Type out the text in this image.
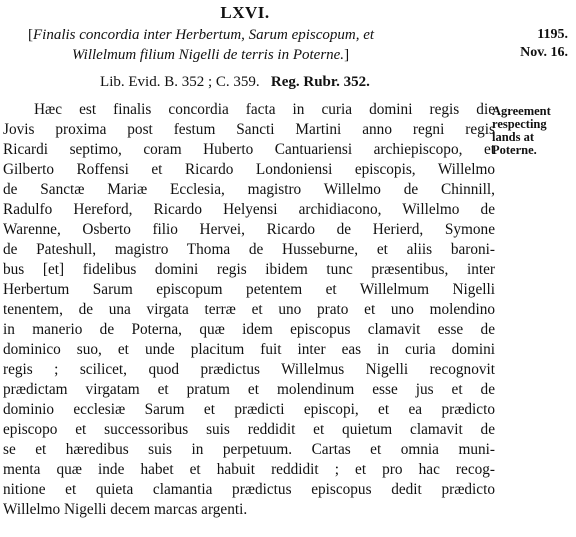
LXVI.
[Finalis concordia inter Herbertum, Sarum episcopum, et
Willelmum filium Nigelli de terris in Poterne.]
Lib. Evid. B. 352 ; C. 359. Reg. Rubr. 352.
1195.
Nov. 16.
Agreement
respecting
lands at
Poterne.
Hæc est finalis concordia facta in curia domini regis die
Jovis proxima post festum Sancti Martini anno regni regis
Ricardi septimo, coram Huberto Cantuariensi archiepiscopo, et
Gilberto Roffensi et Ricardo Londoniensi episcopis, Willelmo
de Sanctæ Mariæ Ecclesia, magistro Willelmo de Chinnill,
Radulfo Hereford, Ricardo Helyensi archidiacono, Willelmo de
Warenne, Osberto filio Hervei, Ricardo de Herierd, Symone
de Pateshull, magistro Thoma de Husseburne, et aliis baroni-
bus [et] fidelibus domini regis ibidem tunc præsentibus, inter
Herbertum Sarum episcopum petentem et Willelmum Nigelli
tenentem, de una virgata terræ et uno prato et uno molendino
in manerio de Poterna, quæ idem episcopus clamavit esse de
dominico suo, et unde placitum fuit inter eas in curia domini
regis ; scilicet, quod prædictus Willelmus Nigelli recognovit
prædictam virgatam et pratum et molendinum esse jus et de
dominio ecclesiæ Sarum et prædicti episcopi, et ea prædicto
episcopo et successoribus suis reddidit et quietum clamavit de
se et hæredibus suis in perpetuum. Cartas et omnia muni-
menta quæ inde habet et habuit reddidit ; et pro hac recog-
nitione et quieta clamantia prædictus episcopus dedit prædicto
Willelmo Nigelli decem marcas argenti.
